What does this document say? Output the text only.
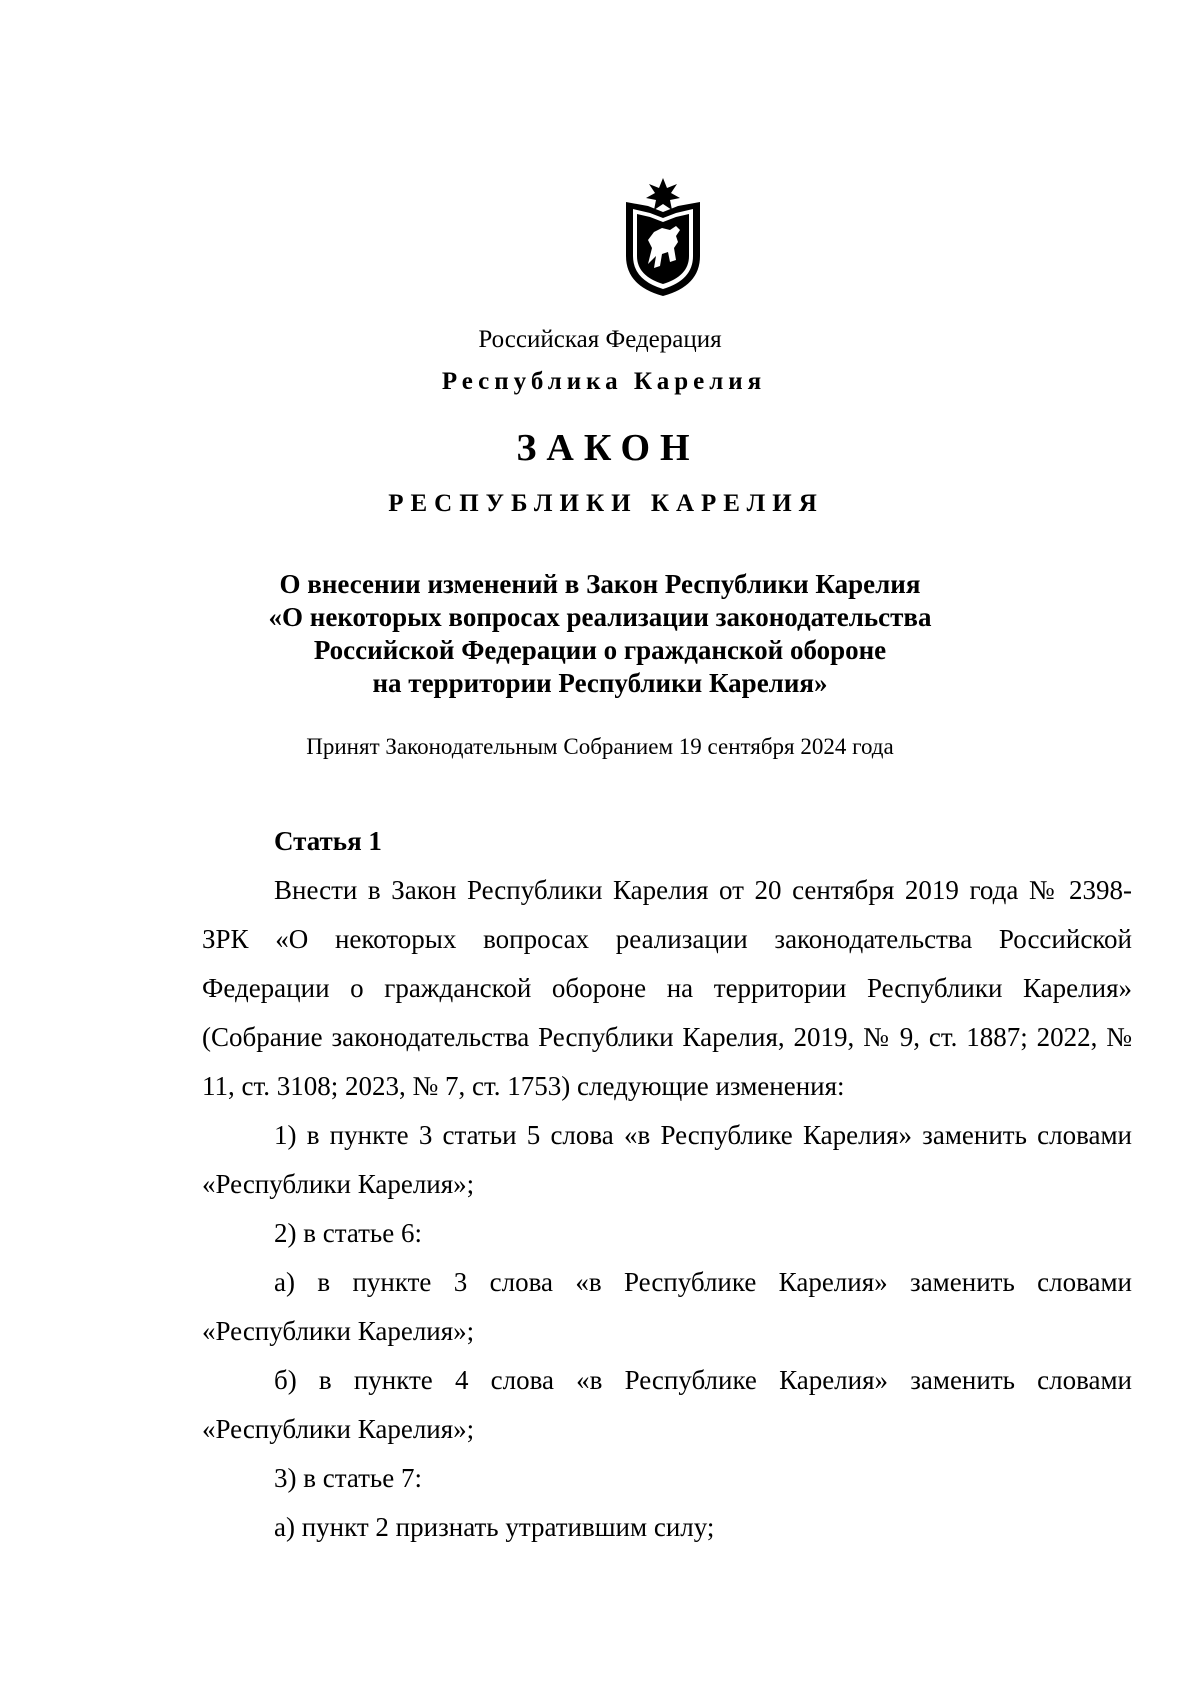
Российская Федерация

Республика Карелия

ЗАКОН

РЕСПУБЛИКИ КАРЕЛИЯ

О внесении изменений в Закон Республики Карелия
«О некоторых вопросах реализации законодательства
Российской Федерации о гражданской обороне
на территории Республики Карелия»

Принят Законодательным Собранием 19 сентября 2024 года

Статья 1

Внести в Закон Республики Карелия от 20 сентября 2019 года № 2398-ЗРК «О некоторых вопросах реализации законодательства Российской Федерации о гражданской обороне на территории Республики Карелия» (Собрание законодательства Республики Карелия, 2019, № 9, ст. 1887; 2022, № 11, ст. 3108; 2023, № 7, ст. 1753) следующие изменения:

1) в пункте 3 статьи 5 слова «в Республике Карелия» заменить словами «Республики Карелия»;

2) в статье 6:

а) в пункте 3 слова «в Республике Карелия» заменить словами «Республики Карелия»;

б) в пункте 4 слова «в Республике Карелия» заменить словами «Республики Карелия»;

3) в статье 7:

а) пункт 2 признать утратившим силу;
